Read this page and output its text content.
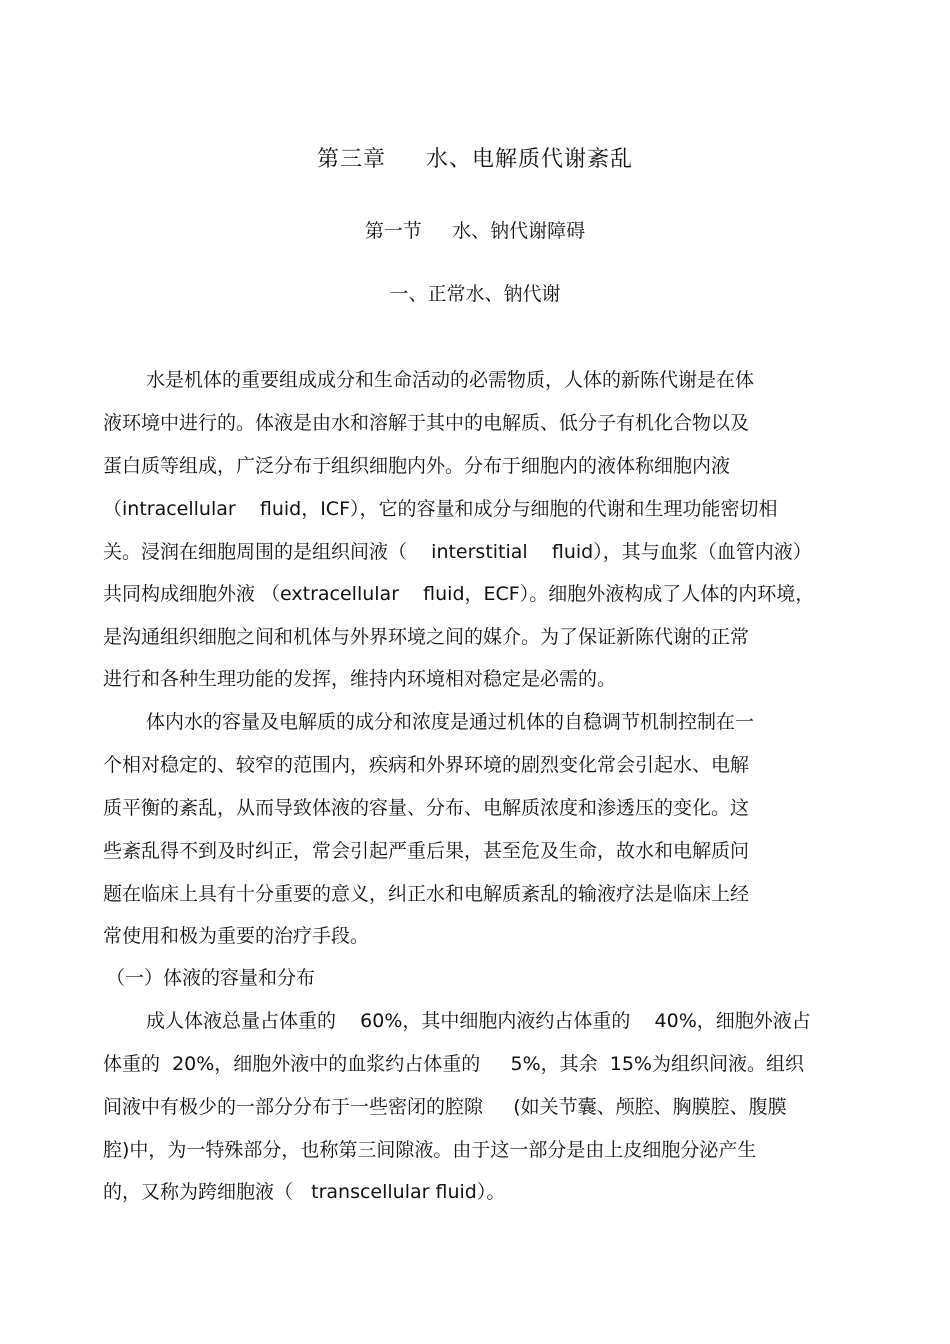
第三章     水、电解质代谢紊乱
第一节     水、钠代谢障碍
一、正常水、钠代谢
水是机体的重要组成成分和生命活动的必需物质，人体的新陈代谢是在体
液环境中进行的。体液是由水和溶解于其中的电解质、低分子有机化合物以及
蛋白质等组成，广泛分布于组织细胞内外。分布于细胞内的液体称细胞内液
（intracellular    fluid，ICF），它的容量和成分与细胞的代谢和生理功能密切相
关。浸润在细胞周围的是组织间液（    interstitial    fluid），其与血浆（血管内液）
共同构成细胞外液 （extracellular    fluid，ECF）。细胞外液构成了人体的内环境，
是沟通组织细胞之间和机体与外界环境之间的媒介。为了保证新陈代谢的正常
进行和各种生理功能的发挥，维持内环境相对稳定是必需的。
体内水的容量及电解质的成分和浓度是通过机体的自稳调节机制控制在一
个相对稳定的、较窄的范围内，疾病和外界环境的剧烈变化常会引起水、电解
质平衡的紊乱，从而导致体液的容量、分布、电解质浓度和渗透压的变化。这
些紊乱得不到及时纠正，常会引起严重后果，甚至危及生命，故水和电解质问
题在临床上具有十分重要的意义，纠正水和电解质紊乱的输液疗法是临床上经
常使用和极为重要的治疗手段。
（一）体液的容量和分布
成人体液总量占体重的    60%，其中细胞内液约占体重的    40%，细胞外液占
体重的  20%，细胞外液中的血浆约占体重的     5%，其余  15%为组织间液。组织
间液中有极少的一部分分布于一些密闭的腔隙     (如关节囊、颅腔、胸膜腔、腹膜
腔)中，为一特殊部分，也称第三间隙液。由于这一部分是由上皮细胞分泌产生
的，又称为跨细胞液（   transcellular fluid）。
